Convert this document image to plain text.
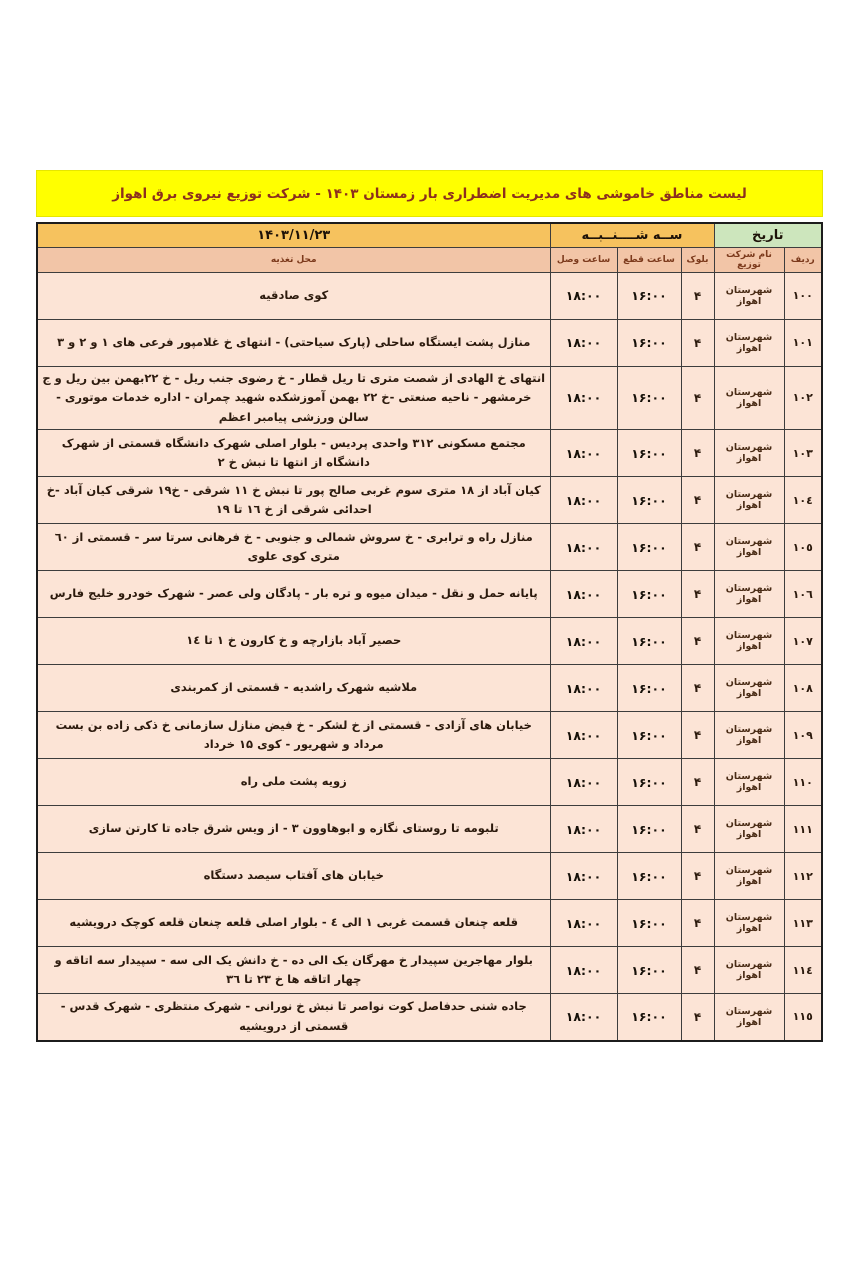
لیست مناطق خاموشی های مدیریت اضطراری بار زمستان ۱۴۰۳ - شرکت توزیع نیروی برق اهواز
تاریخ		ســه شــــنــبــه			۱۴۰۳/۱۱/۲۳
ردیف	نام شرکت توزیع	بلوک	ساعت قطع	ساعت وصل	محل تغذیه
۱۰۰	شهرستان اهواز	۴	۱۶:۰۰	۱۸:۰۰	کوی صادقیه
۱۰۱	شهرستان اهواز	۴	۱۶:۰۰	۱۸:۰۰	منازل پشت ایستگاه ساحلی (پارک سیاحتی) - انتهای خ غلامپور فرعی های ۱ و ۲ و ۳
۱۰۲	شهرستان اهواز	۴	۱۶:۰۰	۱۸:۰۰	انتهای خ الهادی از شصت متری تا ریل قطار - خ رضوی جنب ریل - خ ۲۲بهمن بین ریل و ج خرمشهر - ناحیه صنعتی -خ ۲۲ بهمن آموزشکده شهید چمران - اداره خدمات موتوری - سالن ورزشی پیامبر اعظم
۱۰۳	شهرستان اهواز	۴	۱۶:۰۰	۱۸:۰۰	مجتمع مسکونی ۳۱۲ واحدی پردیس - بلوار اصلی شهرک دانشگاه قسمتی از شهرک دانشگاه از انتها تا نبش خ ۲
۱۰٤	شهرستان اهواز	۴	۱۶:۰۰	۱۸:۰۰	کیان آباد از ۱۸ متری سوم غربی صالح پور تا نبش خ ۱۱ شرقی - خ۱۹ شرقی کیان آباد -خ احدائی شرقی از خ ۱٦ تا ۱۹
۱۰٥	شهرستان اهواز	۴	۱۶:۰۰	۱۸:۰۰	منازل راه و ترابری - خ سروش شمالی و جنوبی - خ فرهانی سرتا سر - قسمتی از ٦۰ متری کوی علوی
۱۰٦	شهرستان اهواز	۴	۱۶:۰۰	۱۸:۰۰	پایانه حمل و نقل - میدان میوه و تره بار - پادگان ولی عصر - شهرک خودرو خلیج فارس
۱۰۷	شهرستان اهواز	۴	۱۶:۰۰	۱۸:۰۰	حصیر آباد بازارچه و خ کارون خ ۱ تا ۱٤
۱۰۸	شهرستان اهواز	۴	۱۶:۰۰	۱۸:۰۰	ملاشیه شهرک راشدیه - قسمتی از کمربندی
۱۰۹	شهرستان اهواز	۴	۱۶:۰۰	۱۸:۰۰	خیابان های آزادی - قسمتی از خ لشکر - خ فیض منازل سازمانی خ ذکی زاده بن بست مرداد و شهریور - کوی ۱۵ خرداد
۱۱۰	شهرستان اهواز	۴	۱۶:۰۰	۱۸:۰۰	زویه پشت ملی راه
۱۱۱	شهرستان اهواز	۴	۱۶:۰۰	۱۸:۰۰	تلبومه تا روستای نگازه و ابوهاوون ۳ - از ویس شرق جاده تا کارتن سازی
۱۱۲	شهرستان اهواز	۴	۱۶:۰۰	۱۸:۰۰	خیابان های آفتاب سیصد دستگاه
۱۱۳	شهرستان اهواز	۴	۱۶:۰۰	۱۸:۰۰	قلعه چنعان قسمت غربی ۱ الی ٤ - بلوار اصلی قلعه چنعان قلعه کوچک درویشیه
۱۱٤	شهرستان اهواز	۴	۱۶:۰۰	۱۸:۰۰	بلوار مهاجرین سپیدار خ مهرگان یک الی ده - خ دانش یک الی سه - سپیدار سه اتاقه و چهار اتاقه ها خ ۲۳ تا ۳٦
۱۱٥	شهرستان اهواز	۴	۱۶:۰۰	۱۸:۰۰	جاده شنی حدفاصل کوت نواصر تا نبش خ نورانی - شهرک منتظری - شهرک قدس - قسمتی از درویشیه
